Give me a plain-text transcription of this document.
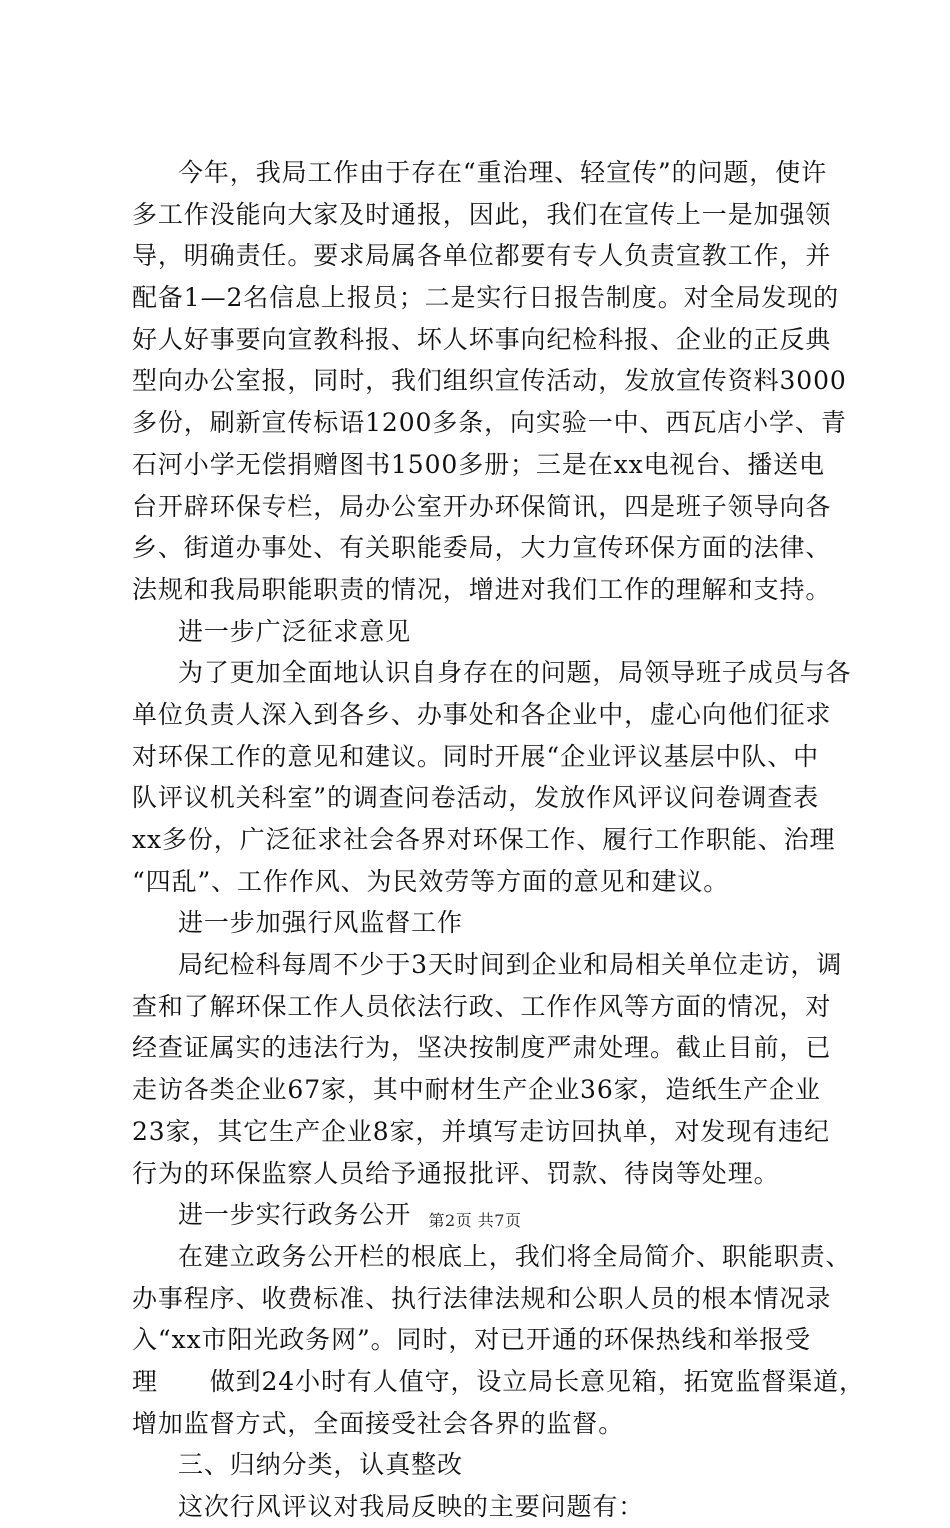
今年，我局工作由于存在“重治理、轻宣传”的问题，使许
多工作没能向大家及时通报，因此，我们在宣传上一是加强领
导，明确责任。要求局属各单位都要有专人负责宣教工作，并
配备1—2名信息上报员；二是实行日报告制度。对全局发现的
好人好事要向宣教科报、坏人坏事向纪检科报、企业的正反典
型向办公室报，同时，我们组织宣传活动，发放宣传资料3000
多份，刷新宣传标语1200多条，向实验一中、西瓦店小学、青
石河小学无偿捐赠图书1500多册；三是在xx电视台、播送电
台开辟环保专栏，局办公室开办环保简讯，四是班子领导向各
乡、街道办事处、有关职能委局，大力宣传环保方面的法律、
法规和我局职能职责的情况，增进对我们工作的理解和支持。
进一步广泛征求意见
为了更加全面地认识自身存在的问题，局领导班子成员与各
单位负责人深入到各乡、办事处和各企业中，虚心向他们征求
对环保工作的意见和建议。同时开展“企业评议基层中队、中
队评议机关科室”的调查问卷活动，发放作风评议问卷调查表
xx多份，广泛征求社会各界对环保工作、履行工作职能、治理
“四乱”、工作作风、为民效劳等方面的意见和建议。
进一步加强行风监督工作
局纪检科每周不少于3天时间到企业和局相关单位走访，调
查和了解环保工作人员依法行政、工作作风等方面的情况，对
经查证属实的违法行为，坚决按制度严肃处理。截止目前，已
走访各类企业67家，其中耐材生产企业36家，造纸生产企业
23家，其它生产企业8家，并填写走访回执单，对发现有违纪
行为的环保监察人员给予通报批评、罚款、待岗等处理。
进一步实行政务公开
在建立政务公开栏的根底上，我们将全局简介、职能职责、
办事程序、收费标准、执行法律法规和公职人员的根本情况录
入“xx市阳光政务网”。同时，对已开通的环保热线和举报受
理　　做到24小时有人值守，设立局长意见箱，拓宽监督渠道，
增加监督方式，全面接受社会各界的监督。
三、归纳分类，认真整改
这次行风评议对我局反映的主要问题有：
第2页 共7页
